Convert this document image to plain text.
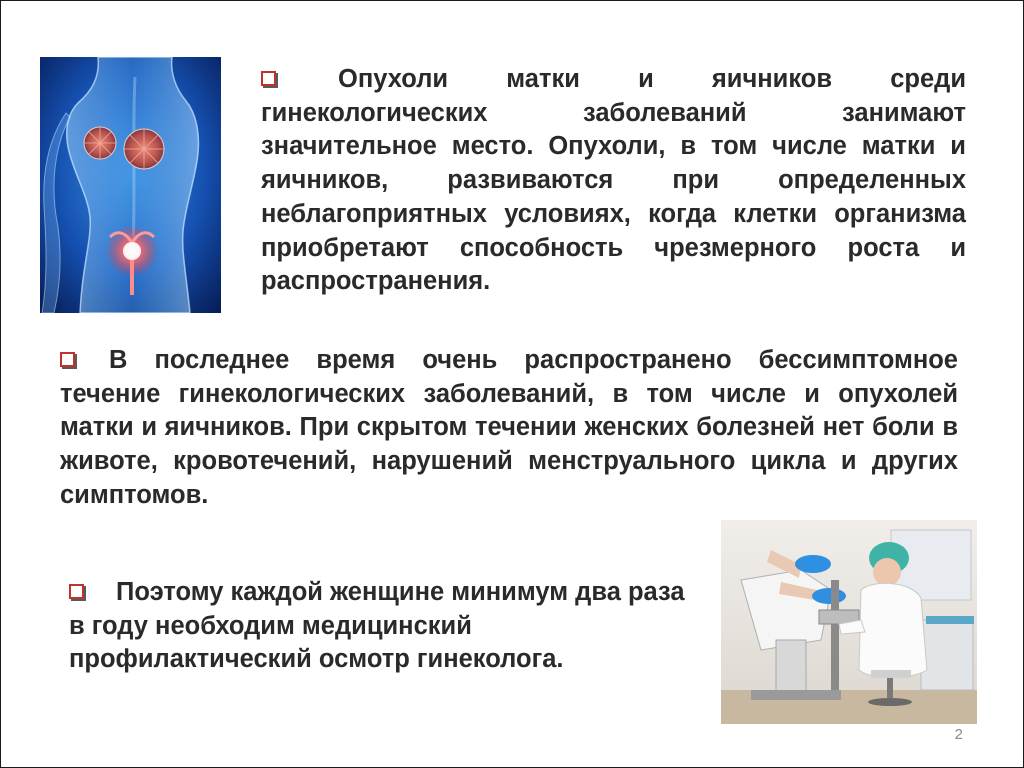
Опухоли матки и яичников среди гинекологических заболеваний занимают значительное место. Опухоли, в том числе матки и яичников, развиваются при определенных неблагоприятных условиях, когда клетки организма приобретают способность чрезмерного роста и распространения.

В последнее время очень распространено бессимптомное течение гинекологических заболеваний, в том числе и опухолей матки и яичников. При скрытом течении женских болезней нет боли в животе, кровотечений, нарушений менструального цикла и других симптомов.

Поэтому каждой женщине минимум два раза в году необходим медицинский профилактический осмотр гинеколога.

2
